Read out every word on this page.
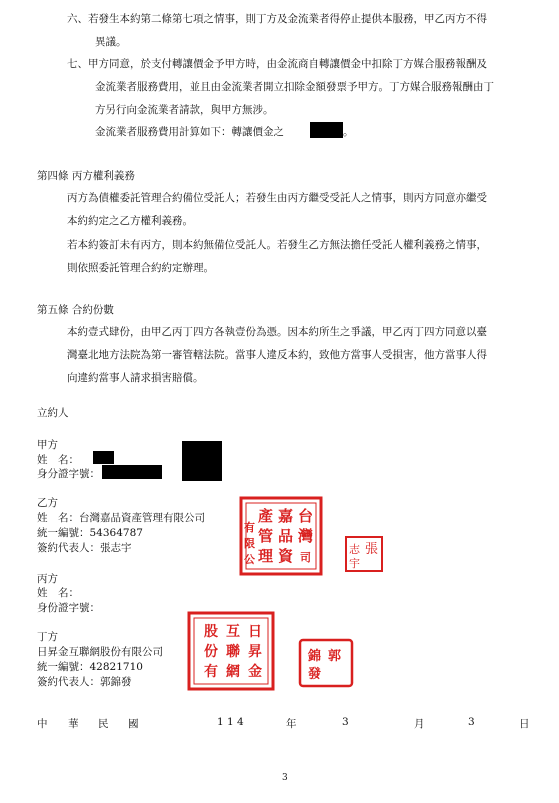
六、若發生本約第二條第七項之情事，則丁方及金流業者得停止提供本服務，甲乙丙方不得
異議。
七、甲方同意，於支付轉讓價金予甲方時，由金流商自轉讓價金中扣除丁方媒合服務報酬及
金流業者服務費用，並且由金流業者開立扣除金額發票予甲方。丁方媒合服務報酬由丁
方另行向金流業者請款，與甲方無涉。
金流業者服務費用計算如下：轉讓價金之	。
第四條 丙方權利義務
丙方為債權委託管理合約備位受託人；若發生由丙方繼受受託人之情事，則丙方同意亦繼受
本約約定之乙方權利義務。
若本約簽訂未有丙方，則本約無備位受託人。若發生乙方無法擔任受託人權利義務之情事，
則依照委託管理合約約定辦理。
第五條 合約份數
本約壹式肆份，由甲乙丙丁四方各執壹份為憑。因本約所生之爭議，甲乙丙丁四方同意以臺
灣臺北地方法院為第一審管轄法院。當事人違反本約，致他方當事人受損害，他方當事人得
向違約當事人請求損害賠償。
立約人
甲方
姓　名：
身分證字號：
乙方
姓　名：台灣嘉品資產管理有限公司
統一編號：54364787
簽約代表人：張志宇
丙方
姓　名：
身份證字號：
丁方
日昇金互聯網股份有限公司
統一編號：42821710
簽約代表人：郭錦發
台
灣
嘉
品
資
產
管
理
有
限
公	司
張
志
宇
日
昇
金
互
聯
網
股
份
有
郭
錦
發
中 華 民 國	1 1 4	年	3	月	3	日
3
